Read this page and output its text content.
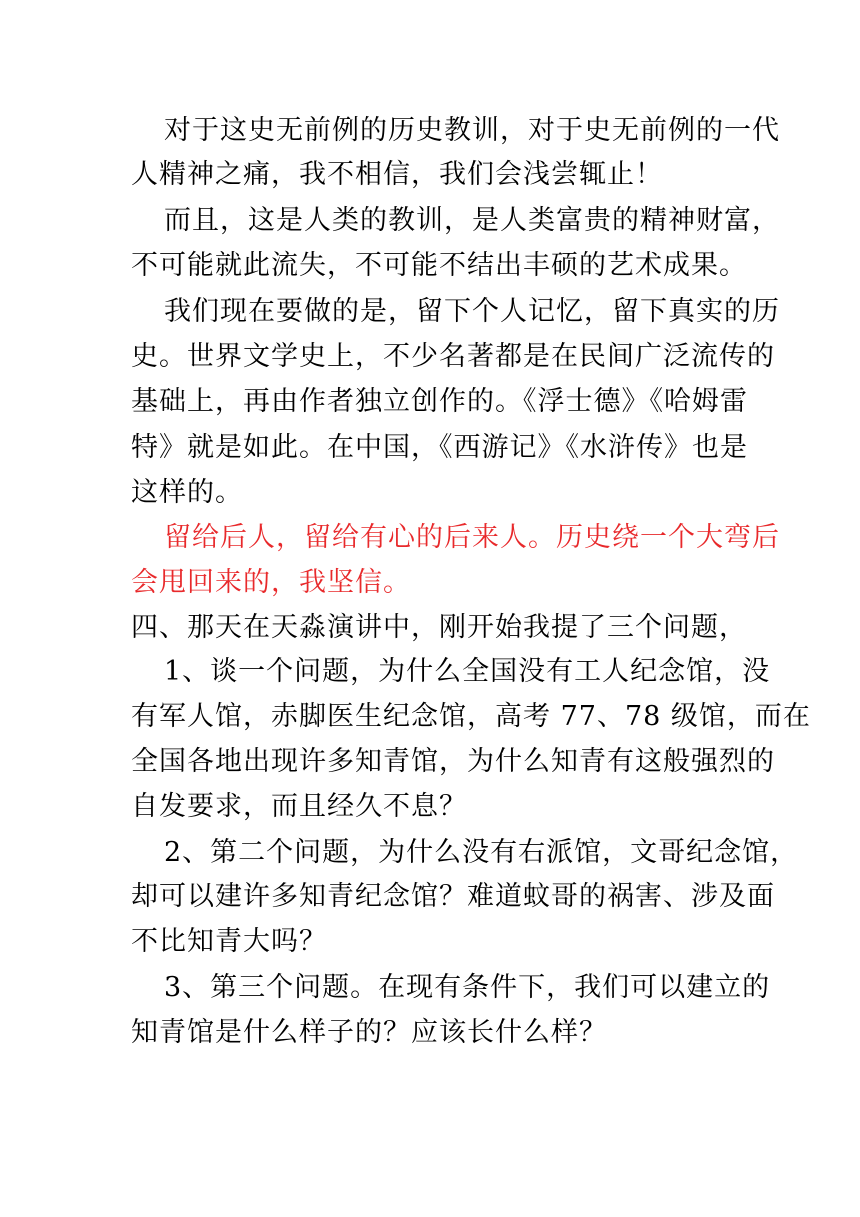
对于这史无前例的历史教训，对于史无前例的一代
人精神之痛，我不相信，我们会浅尝辄止！
而且，这是人类的教训，是人类富贵的精神财富，
不可能就此流失，不可能不结出丰硕的艺术成果。
我们现在要做的是，留下个人记忆，留下真实的历
史。世界文学史上，不少名著都是在民间广泛流传的
基础上，再由作者独立创作的。《浮士德》《哈姆雷
特》就是如此。在中国，《西游记》《水浒传》也是
这样的。
留给后人，留给有心的后来人。历史绕一个大弯后
会甩回来的，我坚信。
四、那天在天淼演讲中，刚开始我提了三个问题，
1、谈一个问题，为什么全国没有工人纪念馆，没
有军人馆，赤脚医生纪念馆，高考 77、78 级馆，而在
全国各地出现许多知青馆，为什么知青有这般强烈的
自发要求，而且经久不息？
2、第二个问题，为什么没有右派馆，文哥纪念馆，
却可以建许多知青纪念馆？难道蚊哥的祸害、涉及面
不比知青大吗？
3、第三个问题。在现有条件下，我们可以建立的
知青馆是什么样子的？应该长什么样？
